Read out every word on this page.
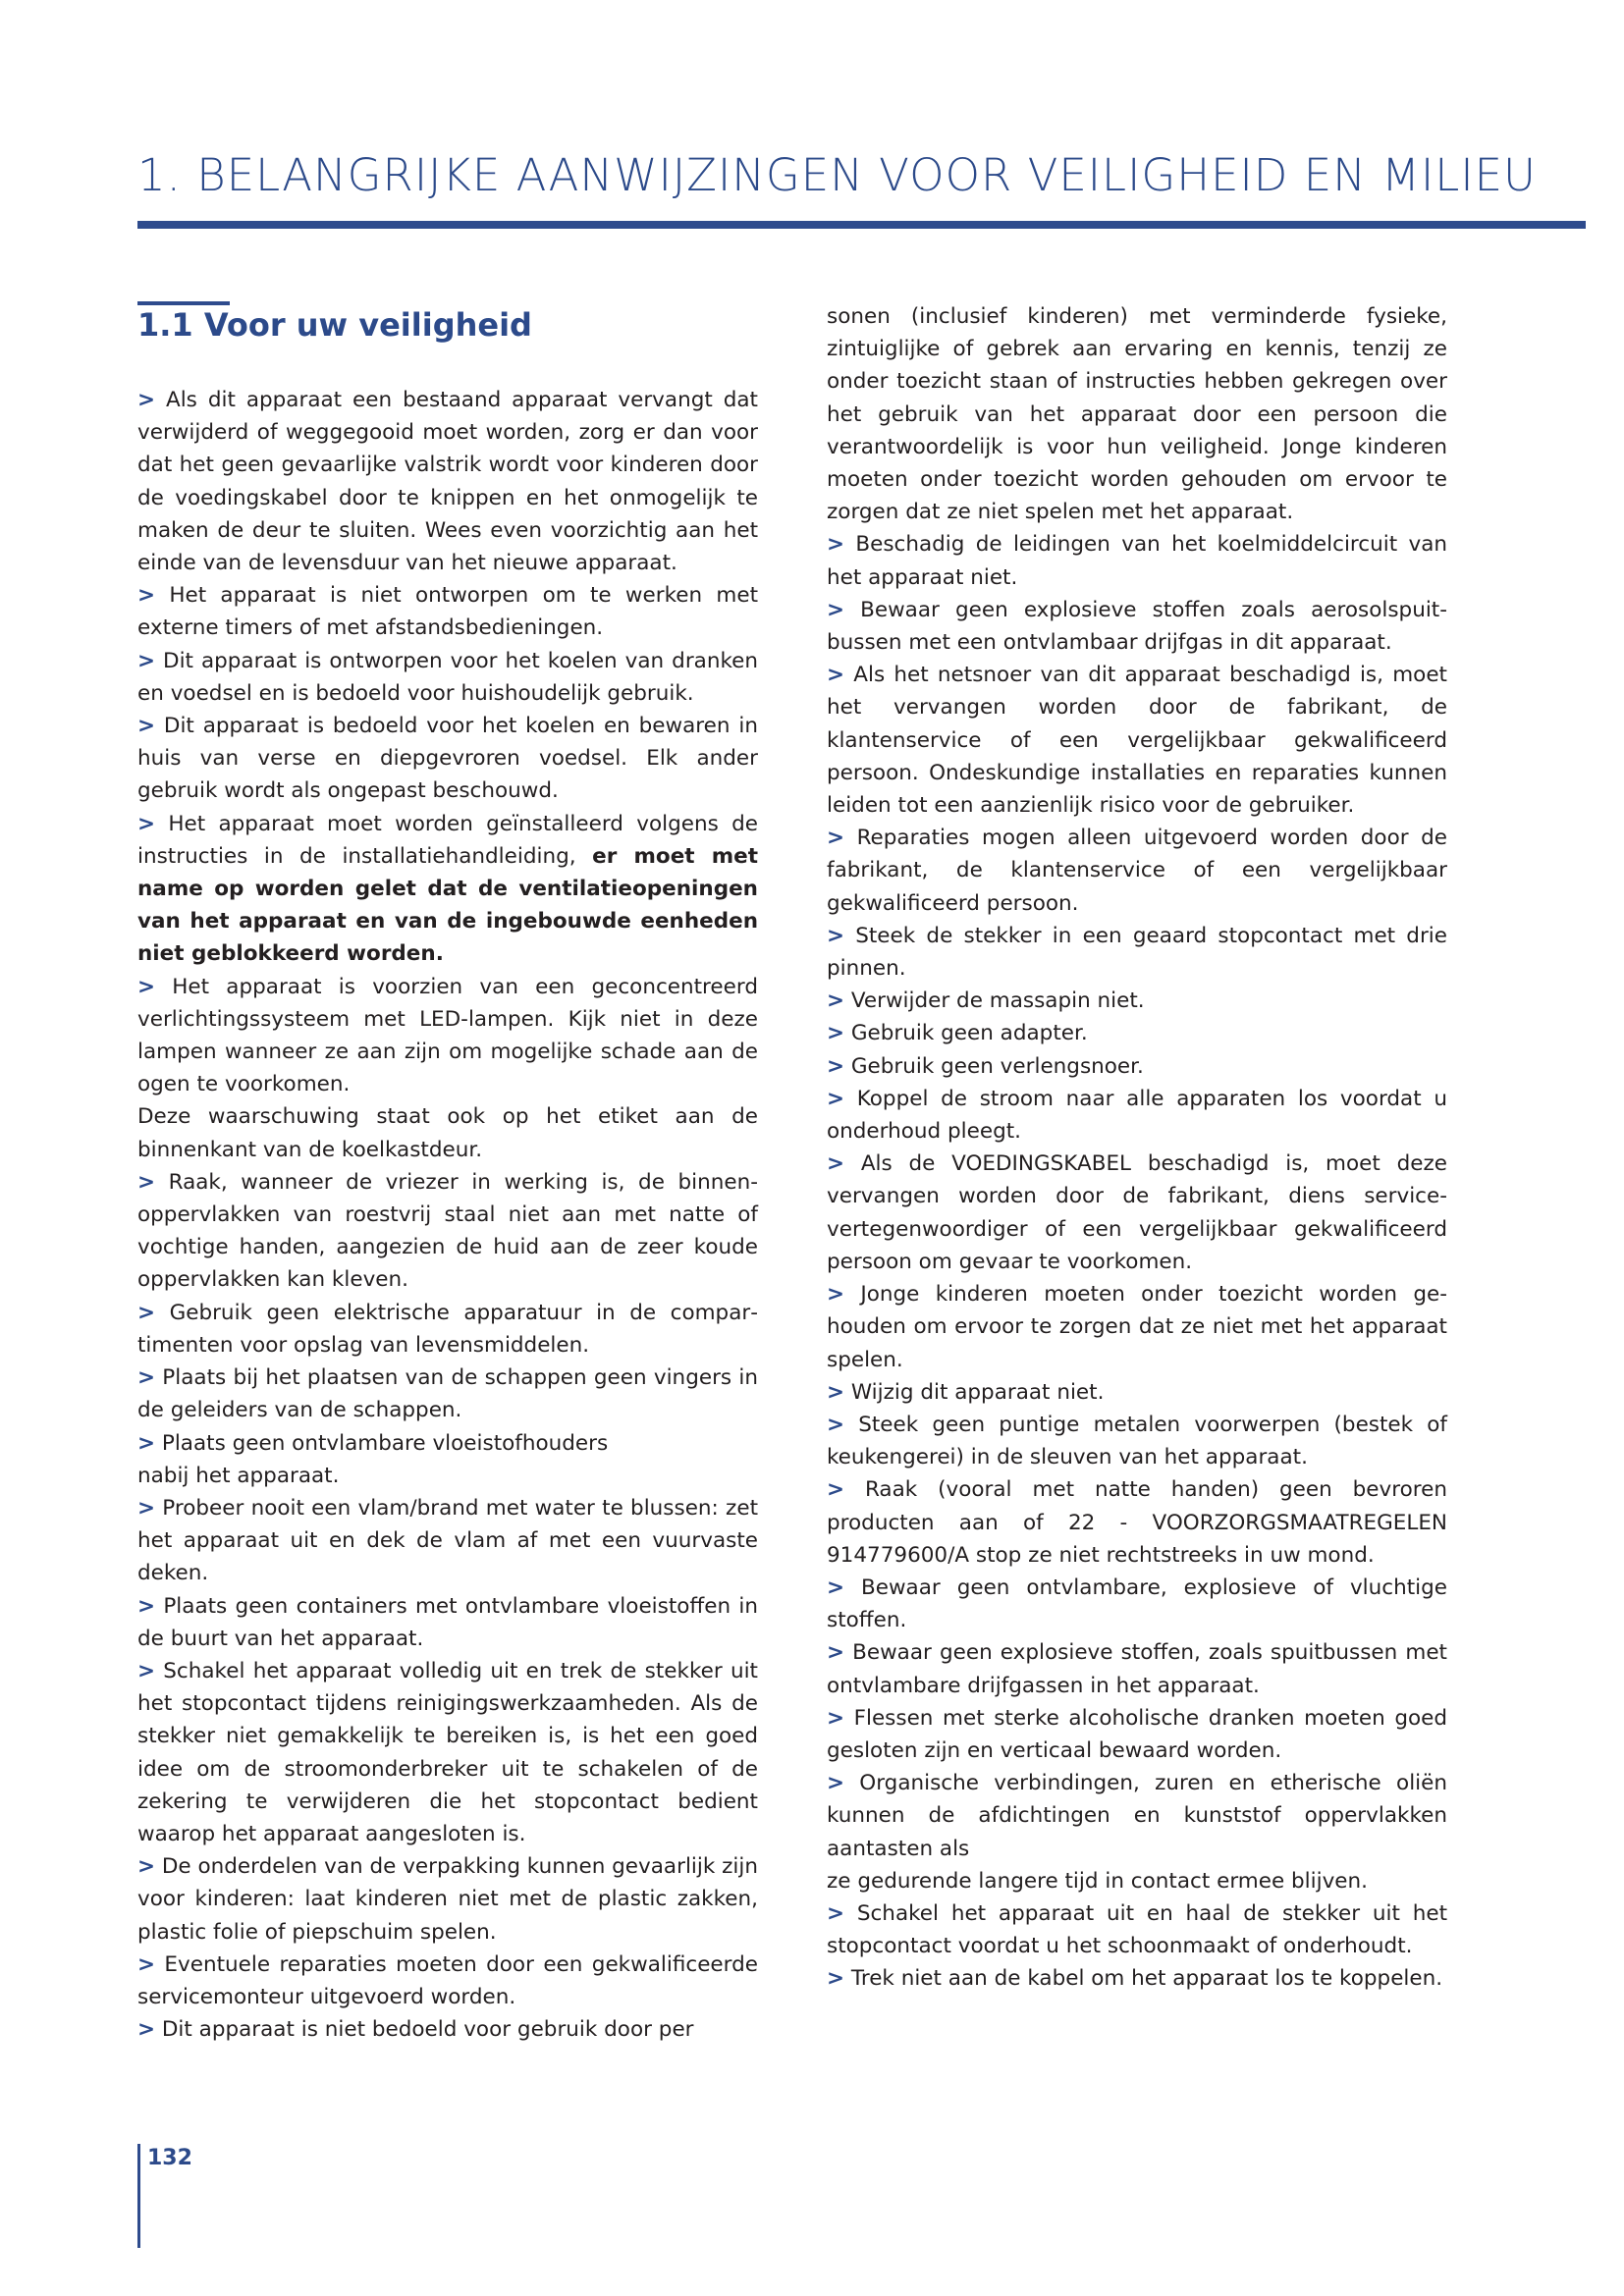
1. BELANGRIJKE AANWIJZINGEN VOOR VEILIGHEID EN MILIEU
1.1 Voor uw veiligheid

> Als dit apparaat een bestaand apparaat vervangt dat verwijderd of weggegooid moet worden, zorg er dan voor dat het geen gevaarlijke valstrik wordt voor kinderen door de voedingskabel door te knippen en het onmogelijk te maken de deur te sluiten. Wees even voorzichtig aan het einde van de levensduur van het nieuwe apparaat.

> Het apparaat is niet ontworpen om te werken met externe timers of met afstandsbedieningen.

> Dit apparaat is ontworpen voor het koelen van dranken en voedsel en is bedoeld voor huishoudelijk gebruik.

> Dit apparaat is bedoeld voor het koelen en bewaren in huis van verse en diepgevroren voedsel. Elk ander gebruik wordt als ongepast beschouwd.

> Het apparaat moet worden geïnstalleerd volgens de instructies in de installatiehandleiding, er moet met name op worden gelet dat de ventilatieopeningen van het apparaat en van de ingebouwde eenheden niet geblokkeerd worden.

> Het apparaat is voorzien van een geconcentreerd verlichtingssysteem met LED-lampen. Kijk niet in deze lampen wanneer ze aan zijn om mogelijke schade aan de ogen te voorkomen.

Deze waarschuwing staat ook op het etiket aan de binnenkant van de koelkastdeur.

> Raak, wanneer de vriezer in werking is, de binnenoppervlakken van roestvrij staal niet aan met natte of vochtige handen, aangezien de huid aan de zeer koude oppervlakken kan kleven.

> Gebruik geen elektrische apparatuur in de compartimenten voor opslag van levensmiddelen.

> Plaats bij het plaatsen van de schappen geen vingers in de geleiders van de schappen.

> Plaats geen ontvlambare vloeistofhouders

nabij het apparaat.

> Probeer nooit een vlam/brand met water te blussen: zet het apparaat uit en dek de vlam af met een vuurvaste deken.

> Plaats geen containers met ontvlambare vloeistoffen in de buurt van het apparaat.

> Schakel het apparaat volledig uit en trek de stekker uit het stopcontact tijdens reinigingswerkzaamheden. Als de stekker niet gemakkelijk te bereiken is, is het een goed idee om de stroomonderbreker uit te schakelen of de zekering te verwijderen die het stopcontact bedient waarop het apparaat aangesloten is.

> De onderdelen van de verpakking kunnen gevaarlijk zijn voor kinderen: laat kinderen niet met de plastic zakken, plastic folie of piepschuim spelen.

> Eventuele reparaties moeten door een gekwalificeerde servicemonteur uitgevoerd worden.

> Dit apparaat is niet bedoeld voor gebruik door per

sonen (inclusief kinderen) met verminderde fysieke, zintuiglijke of gebrek aan ervaring en kennis, tenzij ze onder toezicht staan of instructies hebben gekregen over het gebruik van het apparaat door een persoon die verantwoordelijk is voor hun veiligheid. Jonge kinderen moeten onder toezicht worden gehouden om ervoor te zorgen dat ze niet spelen met het apparaat.

> Beschadig de leidingen van het koelmiddelcircuit van het apparaat niet.

> Bewaar geen explosieve stoffen zoals aerosolspuitbussen met een ontvlambaar drijfgas in dit apparaat.

> Als het netsnoer van dit apparaat beschadigd is, moet het vervangen worden door de fabrikant, de klantenservice of een vergelijkbaar gekwalificeerd persoon. Ondeskundige installaties en reparaties kunnen leiden tot een aanzienlijk risico voor de gebruiker.

> Reparaties mogen alleen uitgevoerd worden door de fabrikant, de klantenservice of een vergelijkbaar gekwalificeerd persoon.

> Steek de stekker in een geaard stopcontact met drie pinnen.

> Verwijder de massapin niet.

> Gebruik geen adapter.

> Gebruik geen verlengsnoer.

> Koppel de stroom naar alle apparaten los voordat u onderhoud pleegt.

> Als de VOEDINGSKABEL beschadigd is, moet deze vervangen worden door de fabrikant, diens servicevertegenwoordiger of een vergelijkbaar gekwalificeerd persoon om gevaar te voorkomen.

> Jonge kinderen moeten onder toezicht worden gehouden om ervoor te zorgen dat ze niet met het apparaat spelen.

> Wijzig dit apparaat niet.

> Steek geen puntige metalen voorwerpen (bestek of keukengerei) in de sleuven van het apparaat.

> Raak (vooral met natte handen) geen bevroren producten aan of 22 - VOORZORGSMAATREGELEN 914779600/A stop ze niet rechtstreeks in uw mond.

> Bewaar geen ontvlambare, explosieve of vluchtige stoffen.

> Bewaar geen explosieve stoffen, zoals spuitbussen met ontvlambare drijfgassen in het apparaat.

> Flessen met sterke alcoholische dranken moeten goed gesloten zijn en verticaal bewaard worden.

> Organische verbindingen, zuren en etherische oliën kunnen de afdichtingen en kunststof oppervlakken aantasten als

ze gedurende langere tijd in contact ermee blijven.

> Schakel het apparaat uit en haal de stekker uit het stopcontact voordat u het schoonmaakt of onderhoudt.

> Trek niet aan de kabel om het apparaat los te koppelen.

132
